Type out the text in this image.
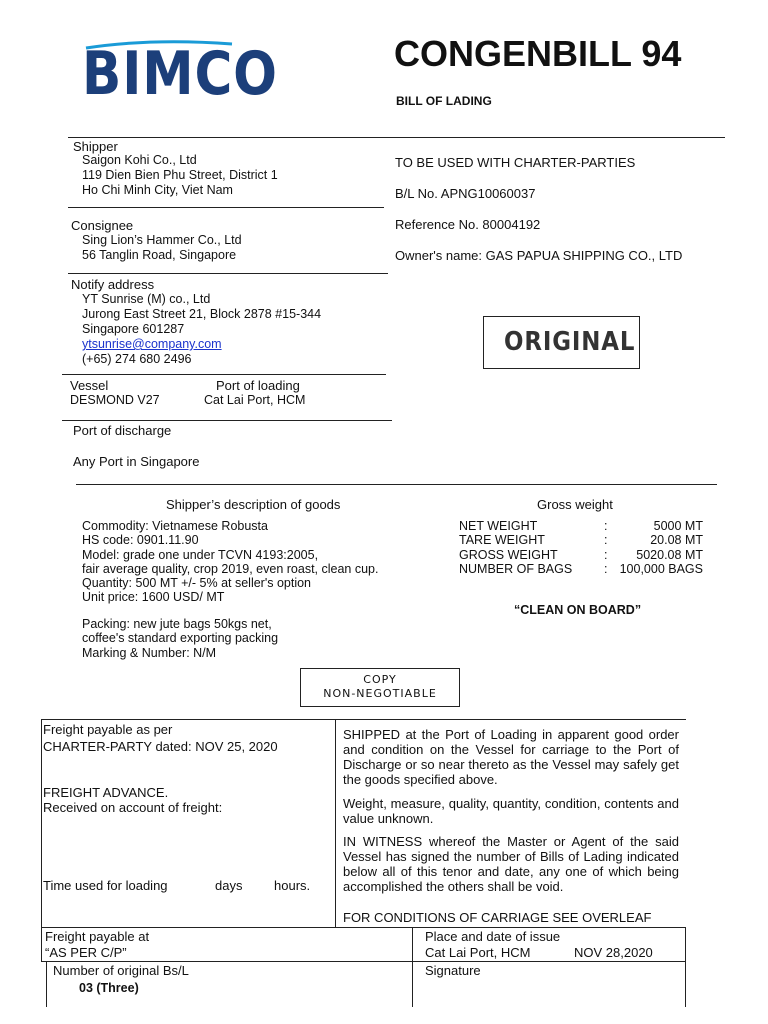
BIMCO	CONGENBILL 94
BILL OF LADING
Shipper
Saigon Kohi Co., Ltd
119 Dien Bien Phu Street, District 1
Ho Chi Minh City, Viet Nam
Consignee
Sing Lion’s Hammer Co., Ltd
56 Tanglin Road, Singapore
Notify address
YT Sunrise (M) co., Ltd
Jurong East Street 21, Block 2878 #15-344
Singapore 601287
ytsunrise@company.com
(+65) 274 680 2496
Vessel
DESMOND V27
Port of loading
Cat Lai Port, HCM
Port of discharge
Any Port in Singapore
TO BE USED WITH CHARTER-PARTIES
B/L No. APNG10060037
Reference No. 80004192
Owner's name: GAS PAPUA SHIPPING CO., LTD
ORIGINAL
Shipper’s description of goods	Gross weight
Commodity: Vietnamese Robusta
HS code: 0901.11.90
Model: grade one under TCVN 4193:2005,
fair average quality, crop 2019, even roast, clean cup.
Quantity: 500 MT +/- 5% at seller's option
Unit price: 1600 USD/ MT
Packing: new jute bags 50kgs net,
coffee's standard exporting packing
Marking & Number: N/M
NET WEIGHT	:	5000 MT
TARE WEIGHT	:	20.08 MT
GROSS WEIGHT	: 5020.08 MT
NUMBER OF BAGS	: 100,000 BAGS
“CLEAN ON BOARD”
COPY
NON-NEGOTIABLE
Freight payable as per
CHARTER-PARTY dated: NOV 25, 2020
FREIGHT ADVANCE.
Received on account of freight:
Time used for loading	days hours.
SHIPPED at the Port of Loading in apparent good order and condition on the Vessel for carriage to the Port of Discharge or so near thereto as the Vessel may safely get the goods specified above.
Weight, measure, quality, quantity, condition, contents and value unknown.
IN WITNESS whereof the Master or Agent of the said Vessel has signed the number of Bills of Lading indicated below all of this tenor and date, any one of which being accomplished the others shall be void.
FOR CONDITIONS OF CARRIAGE SEE OVERLEAF
Freight payable at
“AS PER C/P”
Place and date of issue
Cat Lai Port, HCM	NOV 28,2020
Number of original Bs/L
03 (Three)
Signature
